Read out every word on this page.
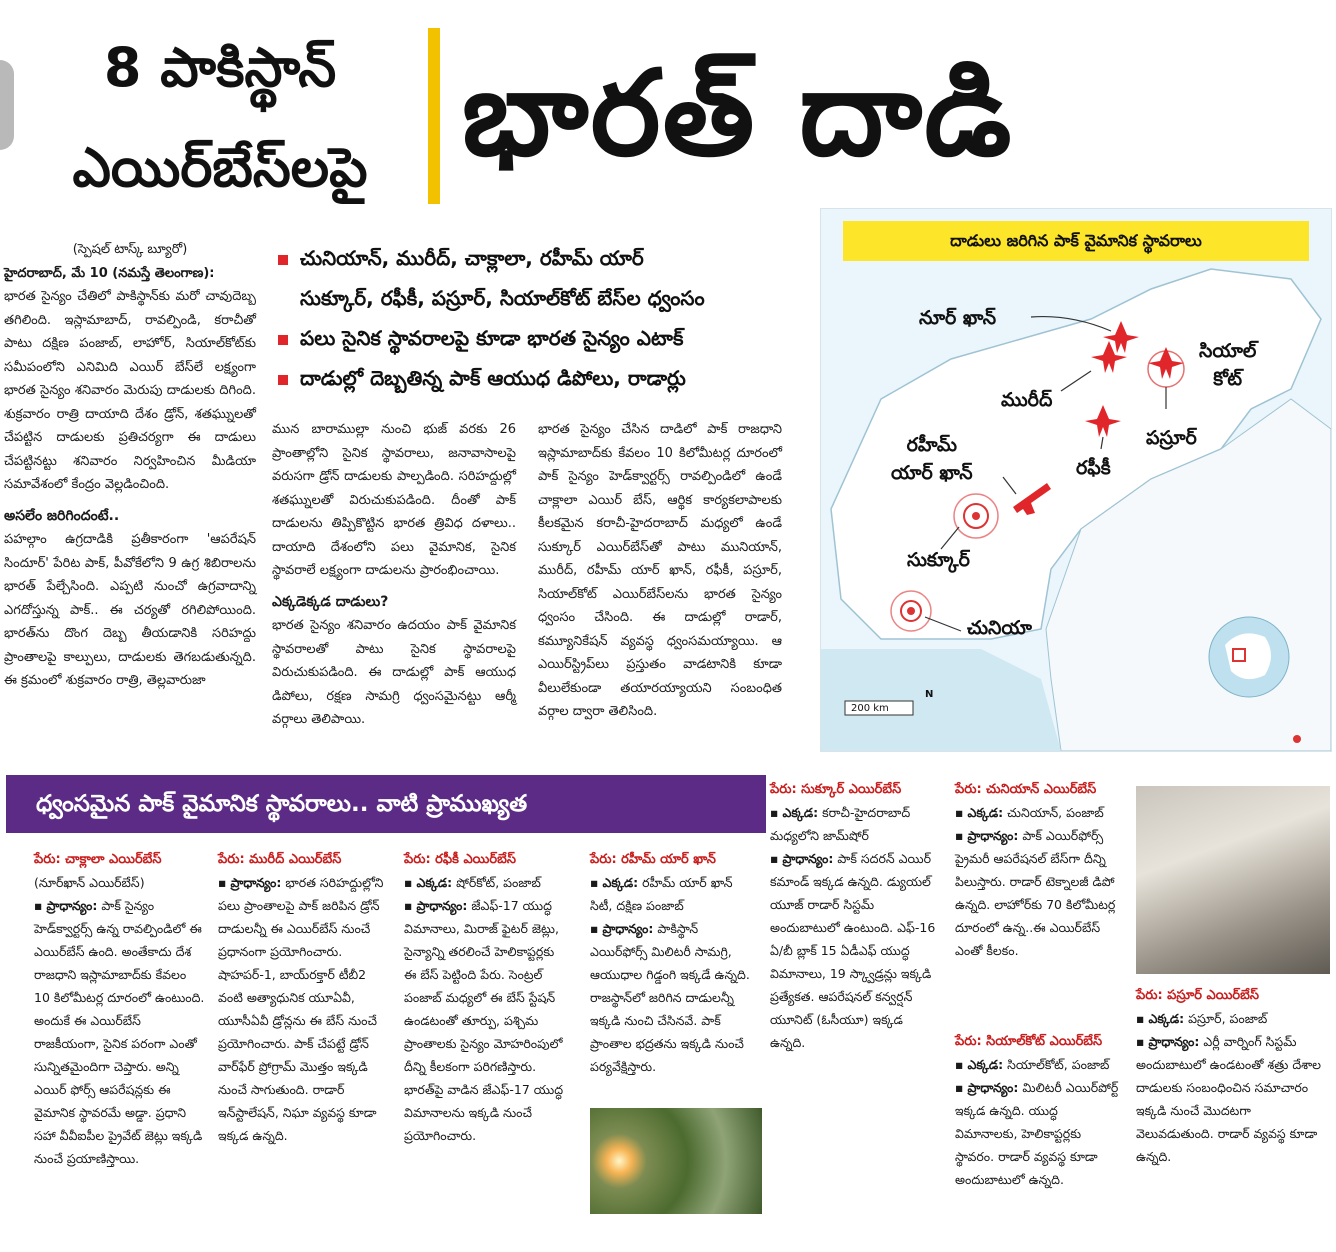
8 పాకిస్థాన్
ఎయిర్‌బేస్‌లపై భారత్ దాడి
(స్పెషల్ టాస్క్ బ్యూరో)
హైదరాబాద్, మే 10 (నమస్తే తెలంగాణ):
భారత సైన్యం చేతిలో పాకిస్థాన్‌కు మరో చావుదెబ్బ తగిలింది. ఇస్లామాబాద్, రావల్పిండి, కరాచీతో పాటు దక్షిణ పంజాబ్, లాహోర్, సియాల్‌కోట్‌కు సమీపంలోని ఎనిమిది ఎయిర్ బేస్‌లే లక్ష్యంగా భారత సైన్యం శనివారం మెరుపు దాడులకు దిగింది. శుక్రవారం రాత్రి దాయాది దేశం డ్రోన్, శతఘ్నులతో చేపట్టిన దాడులకు ప్రతిచర్యగా ఈ దాడులు చేపట్టినట్టు శనివారం నిర్వహించిన మీడియా సమావేశంలో కేంద్రం వెల్లడించింది.
అసలేం జరిగిందంటే..
పహల్గాం ఉగ్రదాడికి ప్రతీకారంగా 'ఆపరేషన్ సిందూర్' పేరిట పాక్, పీవోకేలోని 9 ఉగ్ర శిబిరాలను భారత్ పేల్చేసింది. ఎప్పటి నుంచో ఉగ్రవాదాన్ని ఎగదోస్తున్న పాక్.. ఈ చర్యతో రగిలిపోయింది. భారత్‌ను దొంగ దెబ్బ తీయడానికి సరిహద్దు ప్రాంతాలపై కాల్పులు, దాడులకు తెగబడుతున్నది. ఈ క్రమంలో శుక్రవారం రాత్రి, తెల్లవారుజా
చునియాన్, మురీద్, చాక్లాలా, రహీమ్ యార్
సుక్కూర్, రఫీకీ, పస్రూర్, సియాల్‌కోట్ బేస్‌ల ధ్వంసం
పలు సైనిక స్థావరాలపై కూడా భారత సైన్యం ఎటాక్
దాడుల్లో దెబ్బతిన్న పాక్ ఆయుధ డిపోలు, రాడార్లు
మున బారాముల్లా నుంచి భుజ్ వరకు 26 ప్రాంతాల్లోని సైనిక స్థావరాలు, జనావాసాలపై వరుసగా డ్రోన్ దాడులకు పాల్పడింది. సరిహద్దుల్లో శతఘ్నులతో విరుచుకుపడింది. దీంతో పాక్ దాడులను తిప్పికొట్టిన భారత త్రివిధ దళాలు.. దాయాది దేశంలోని పలు వైమానిక, సైనిక స్థావరాలే లక్ష్యంగా దాడులను ప్రారంభించాయి.
ఎక్కడెక్కడ దాడులు?
భారత సైన్యం శనివారం ఉదయం పాక్ వైమానిక స్థావరాలతో పాటు సైనిక స్థావరాలపై విరుచుకుపడింది. ఈ దాడుల్లో పాక్ ఆయుధ డిపోలు, రక్షణ సామగ్రి ధ్వంసమైనట్టు ఆర్మీ వర్గాలు తెలిపాయి.
భారత సైన్యం చేసిన దాడిలో పాక్ రాజధాని ఇస్లామాబాద్‌కు కేవలం 10 కిలోమీటర్ల దూరంలో పాక్ సైన్యం హెడ్‌క్వార్టర్స్ రావల్పిండిలో ఉండే చాక్లాలా ఎయిర్ బేస్, ఆర్థిక కార్యకలాపాలకు కీలకమైన కరాచీ-హైదరాబాద్ మధ్యలో ఉండే సుక్కూర్ ఎయిర్‌బేస్‌తో పాటు మునియాన్, మురీద్, రహీమ్ యార్ ఖాన్, రఫీకీ, పస్రూర్, సియాల్‌కోట్ ఎయిర్‌బేస్‌లను భారత సైన్యం ధ్వంసం చేసింది. ఈ దాడుల్లో రాడార్, కమ్యూనికేషన్ వ్యవస్థ ధ్వంసమయ్యాయి. ఆ ఎయిర్‌స్ట్రిప్‌లు ప్రస్తుతం వాడటానికి కూడా వీలులేకుండా తయారయ్యాయని సంబంధిత వర్గాల ద్వారా తెలిసింది.
దాడులు జరిగిన పాక్ వైమానిక స్థావరాలు
నూర్ ఖాన్
సియాల్
కోట్
మురీద్
పస్రూర్
రహీమ్
యార్ ఖాన్	రఫీకీ
సుక్కూర్
చునియా
200 km
N
ధ్వంసమైన పాక్ వైమానిక స్థావరాలు.. వాటి ప్రాముఖ్యత
పేరు: చాక్లాలా ఎయిర్‌బేస్
(నూర్‌ఖాన్ ఎయిర్‌బేస్)
▪ ప్రాధాన్యం: పాక్ సైన్యం హెడ్‌క్వార్టర్స్ ఉన్న రావల్పిండిలో ఈ ఎయిర్‌బేస్ ఉంది. అంతేకాదు దేశ రాజధాని ఇస్లామాబాద్‌కు కేవలం 10 కిలోమీటర్ల దూరంలో ఉంటుంది. అందుకే ఈ ఎయిర్‌బేస్ రాజకీయంగా, సైనిక పరంగా ఎంతో సున్నితమైందిగా చెప్తారు. అన్ని ఎయిర్ ఫోర్స్ ఆపరేషన్లకు ఈ వైమానిక స్థావరమే అడ్డా. ప్రధాని సహా వీవీఐపీల ప్రైవేట్ జెట్లు ఇక్కడి నుంచే ప్రయాణిస్తాయి.
పేరు: మురీద్ ఎయిర్‌బేస్
▪ ప్రాధాన్యం: భారత సరిహద్దుల్లోని పలు ప్రాంతాలపై పాక్ జరిపిన డ్రోన్ దాడులన్నీ ఈ ఎయిర్‌బేస్ నుంచే ప్రధానంగా ప్రయోగించారు. షాహపర్-1, బాయ్‌రక్తార్ టీబీ2 వంటి అత్యాధునిక యూఏవీ, యూసీఏవీ డ్రోన్లను ఈ బేస్ నుంచే ప్రయోగించారు. పాక్ చేపట్టే డ్రోన్ వార్‌ఫేర్ ప్రోగ్రామ్ మొత్తం ఇక్కడి నుంచే సాగుతుంది. రాడార్ ఇన్‌స్టాలేషన్, నిఘా వ్యవస్థ కూడా ఇక్కడ ఉన్నది.
పేరు: రఫీకీ ఎయిర్‌బేస్
▪ ఎక్కడ: షోర్‌కోట్, పంజాబ్
▪ ప్రాధాన్యం: జేఎఫ్-17 యుద్ధ విమానాలు, మిరాజ్ ఫైటర్ జెట్లు, సైన్యాన్ని తరలించే హెలికాప్టర్లకు ఈ బేస్ పెట్టింది పేరు. సెంట్రల్ పంజాబ్ మధ్యలో ఈ బేస్ స్టేషన్ ఉండటంతో తూర్పు, పశ్చిమ ప్రాంతాలకు సైన్యం మోహరింపులో దీన్ని కీలకంగా పరిగణిస్తారు. భారత్‌పై వాడిన జేఎఫ్-17 యుద్ధ విమానాలను ఇక్కడి నుంచే ప్రయోగించారు.
పేరు: రహీమ్ యార్ ఖాన్
▪ ఎక్కడ: రహీమ్ యార్ ఖాన్ సిటీ, దక్షిణ పంజాబ్
▪ ప్రాధాన్యం: పాకిస్థాన్ ఎయిర్‌ఫోర్స్ మిలిటరీ సామగ్రి, ఆయుధాల గిడ్డంగి ఇక్కడే ఉన్నది. రాజస్థాన్‌లో జరిగిన దాడులన్నీ ఇక్కడి నుంచి చేసినవే. పాక్ ప్రాంతాల భద్రతను ఇక్కడి నుంచే పర్యవేక్షిస్తారు.
పేరు: సుక్కూర్ ఎయిర్‌బేస్
▪ ఎక్కడ: కరాచీ-హైదరాబాద్ మధ్యలోని జామ్‌షోర్
▪ ప్రాధాన్యం: పాక్ సదరన్ ఎయిర్ కమాండ్ ఇక్కడ ఉన్నది. డ్యుయల్ యూజ్ రాడార్ సిస్టమ్ అందుబాటులో ఉంటుంది. ఎఫ్-16 ఏ/బీ బ్లాక్ 15 ఏడీఎఫ్ యుద్ధ విమానాలు, 19 స్క్వాడ్రన్లు ఇక్కడి ప్రత్యేకత. ఆపరేషనల్ కన్వర్షన్ యూనిట్ (ఓసీయూ) ఇక్కడ ఉన్నది.
పేరు: చునియాన్ ఎయిర్‌బేస్
▪ ఎక్కడ: చునియాన్, పంజాబ్
▪ ప్రాధాన్యం: పాక్ ఎయిర్‌ఫోర్స్ ప్రైమరీ ఆపరేషనల్ బేస్‌గా దీన్ని పిలుస్తారు. రాడార్ టెక్నాలజీ డిపో ఉన్నది. లాహోర్‌కు 70 కిలోమీటర్ల దూరంలో ఉన్న..ఈ ఎయిర్‌బేస్ ఎంతో కీలకం.
పేరు: సియాల్‌కోట్ ఎయిర్‌బేస్
▪ ఎక్కడ: సియాల్‌కోట్, పంజాబ్
▪ ప్రాధాన్యం: మిలిటరీ ఎయిర్‌పోర్ట్ ఇక్కడ ఉన్నది. యుద్ధ విమానాలకు, హెలికాప్టర్లకు స్థావరం. రాడార్ వ్యవస్థ కూడా అందుబాటులో ఉన్నది.
పేరు: పస్రూర్ ఎయిర్‌బేస్
▪ ఎక్కడ: పస్రూర్, పంజాబ్
▪ ప్రాధాన్యం: ఎర్లీ వార్నింగ్ సిస్టమ్ అందుబాటులో ఉండటంతో శత్రు దేశాల దాడులకు సంబంధించిన సమాచారం ఇక్కడి నుంచే మొదటగా వెలువడుతుంది. రాడార్ వ్యవస్థ కూడా ఉన్నది.
